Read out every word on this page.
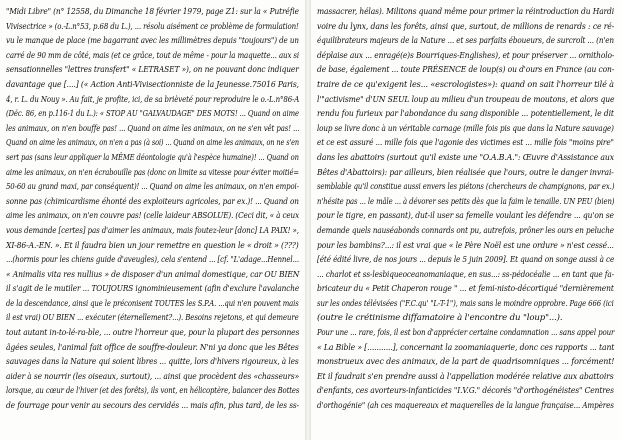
"Midi Libre" (n° 12558, du Dimanche 18 février 1979, page Z1: sur la « Putréfie
Vivisectrice » (o.-L.n°53, p.68 du L.), ... résolu aisément ce problème de formulation!
vu le manque de place (me bagarrant avec les millimètres depuis "toujours") de un
carré de 90 mm de côté, mais (et ce grâce, tout de même - pour la maquette... aux si
sensationnelles "lettres transfert" « LETRASET »), on ne pouvant donc indiquer
davantage que [....] (« Action Anti-Vivisectionniste de la Jeunesse.75016 Paris,
4, r. L. du Nouy ». Au fait, je profite, ici, de sa brièveté pour reproduire le o.-L.n°86-A
(Déc. 86, en p.116-1 du L.): « STOP AU "GALVAUDAGE" DES MOTS! ... Quand on aime
les animaux, on n'en bouffe pas! ... Quand on aime les animaux, on ne s'en vêt pas! ...
Quand on aime les animaux, on n'en a pas (à soi) ... Quand on aime les animaux, on ne s'en
sert pas (sans leur appliquer la MÊME déontologie qu'à l'espèce humaine)! ... Quand on
aime les animaux, on n'en écrabouille pas (donc on limite sa vitesse pour éviter moitié=
50-60 au grand maxi, par conséquent)! ... Quand on aime les animaux, on n'en empoi-
sonne pas (chimicardisme éhonté des exploiteurs agricoles, par ex.)! ... Quand on
aime les animaux, on n'en couvre pas! (celle laideur ABSOLUE). (Ceci dit, « à ceux
vous demande [certes] pas d'aimer les animaux, mais foutez-leur [donc] LA PAIX! »,
XI-86-A.-EN. ». Et il faudra bien un jour remettre en question le « droit » (???)
...(hormis pour les chiens guide d'aveugles), cela s'entend ... [cf. "L'adage...Hennel...
« Animalis vita res nullius » de disposer d'un animal domestique, car OU BIEN
il s'agit de le mutiler ... TOUJOURS ignominieusement (afin d'exclure l'avalanche
de la descendance, ainsi que le préconisent TOUTES les S.P.A. ...qui n'en pouvent mais
il est vrai) OU BIEN ... exécuter (éternellement?...). Besoins rejetons, et qui demeure
tout autant in-to-lé-ra-ble, ... outre l'horreur que, pour la plupart des personnes
âgées seules, l'animal fait office de souffre-douleur. N'ni ya donc que les Bêtes
sauvages dans la Nature qui soient libres ... quitte, lors d'hivers rigoureux, à les
aider à se nourrir (les oiseaux, surtout), ... ainsi que procèdent des «chasseurs»
lorsque, au cœur de l'hiver (et des forêts), ils vont, en hélicoptère, balancer des Bottes
de fourrage pour venir au secours des cervidés ... mais afin, plus tard, de les ss-
massacrer, hélas). Militons quand même pour primer la réintroduction du Hardi
voire du lynx, dans les forêts, ainsi que, surtout, de millions de renards : ce ré-
équilibrateurs majeurs de la Nature ... et ses parfaits éboueurs, de surcroît ... (n'en
déplaise aux ... enragé(e)s Bourriques-Englishes), et pour préserver ... ornitholo-
de base, également ... toute PRÉSENCE de loup(s) ou d'ours en France (au con-
traire de ce qu'exigent les... «escrologistes»): quand on sait l'horreur tilé à
l'"activisme" d'UN SEUL loup au milieu d'un troupeau de moutons, et alors que
rendu fou furieux par l'abondance du sang disponible ... potentiellement, le dit
loup se livre donc à un véritable carnage (mille fois pis que dans la Nature sauvage)
et ce est assuré ... mille fois que l'agonie des victimes est ... mille fois "moins pire"
dans les abattoirs (surtout qu'il existe une "O.A.B.A.": Œuvre d'Assistance aux
Bêtes d'Abattoirs): par ailleurs, bien réalisée que l'ours, outre le danger invrai-
semblable qu'il constitue aussi envers les piétons (chercheurs de champignons, par ex.)
n'hésite pas ... le mâle ... à dévorer ses petits dès que la faim le tenaille. UN PEU (bien)
pour le tigre, en passant), dut-il user sa femelle voulant les défendre ... qu'on se
demande quels nauséabonds connards ont pu, autrefois, prôner les ours en peluche
pour les bambins?...: il est vrai que « le Père Noël est une ordure » n'est cessé...
[été édité livre, de nos jours ... depuis le 5 juin 2009]. Et quand on songe aussi à ce
... charlot et ss-lesbiqueoceanomaniaque, en sus...: ss-pédocéalie ... en tant que fa-
bricateur du « Petit Chaperon rouge " ... et femi-nisto-décortiqué "dernièrement
sur les ondes télévisées ("F.C.qu' "L-T-1"), mais sans le moindre opprobre. Page 666 (ici
(outre le crétinisme diffamatoire à l'encontre du "loup"...).
Pour une ... rare, fois, il est bon d'apprécier certaine condamnation ... sans appel pour
« La Bible » [...........], concernant la zoomaniaquerie, donc ces rapports ... tant
monstrueux avec des animaux, de la part de quadrisomniques ... forcément!
Et il faudrait s'en prendre aussi à l'appellation modérée relative aux abattoirs
d'enfants, ces avorteurs-infanticides "I.V.G." décorés "d'orthogénéistes" Centres
d'orthogénie" (ah ces maquereaux et maquerelles de la langue française... Ampères
